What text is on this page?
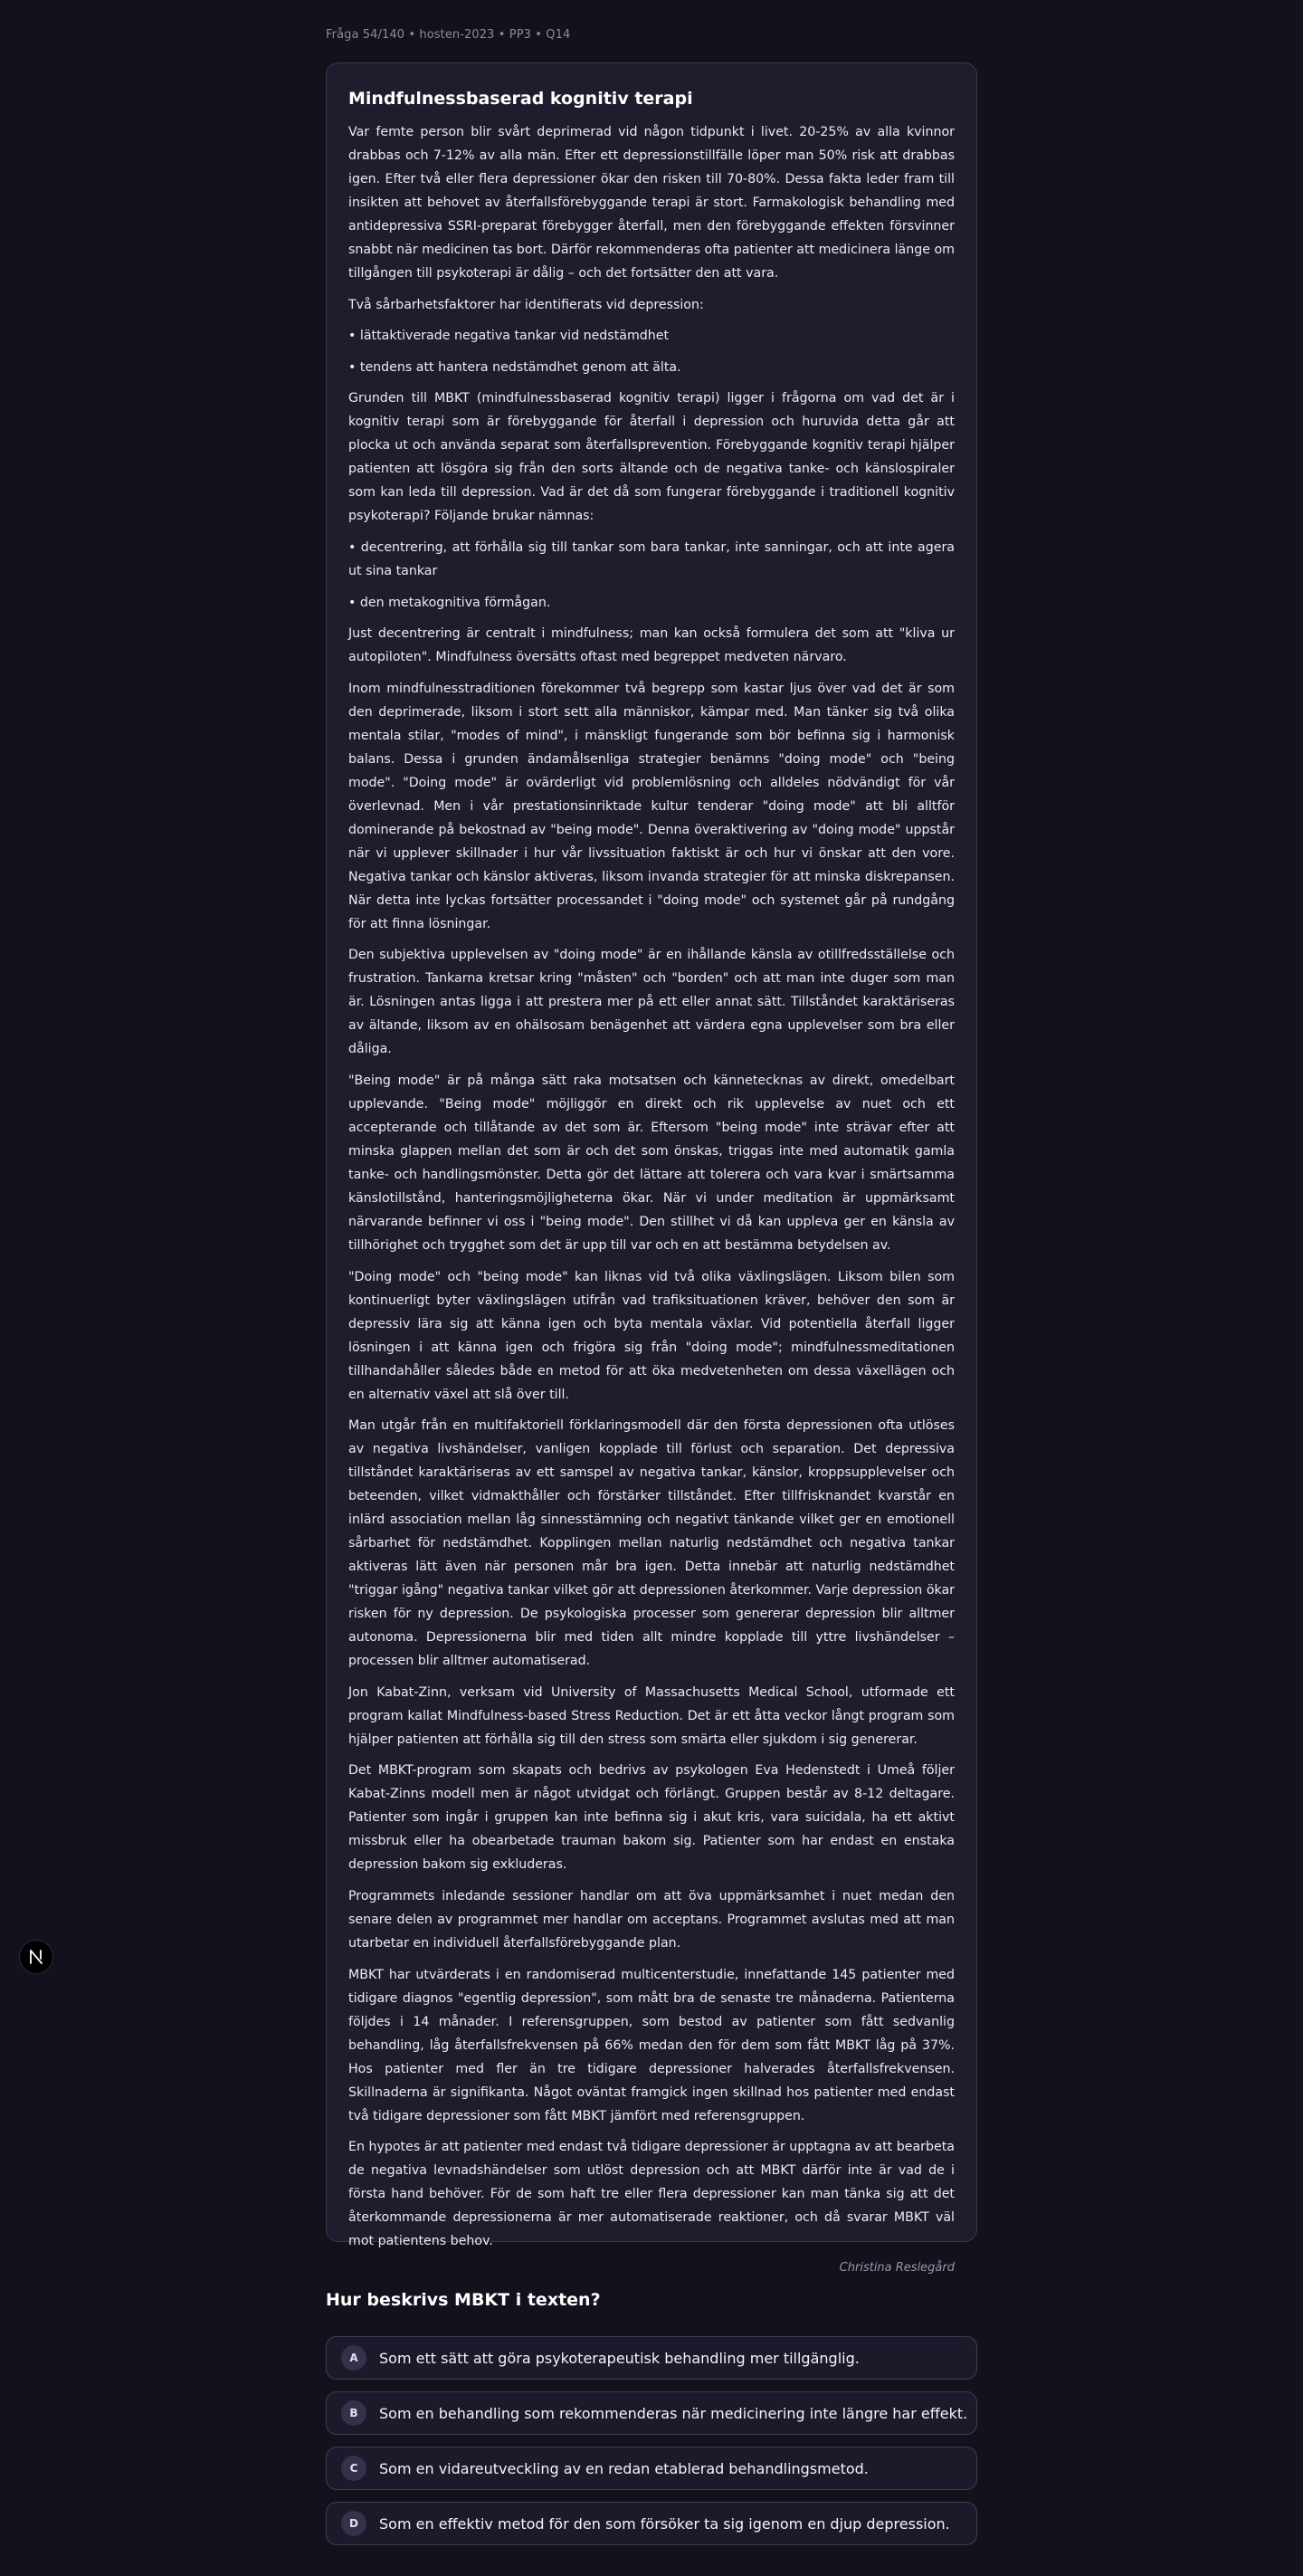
Fråga 54/140 • hosten-2023 • PP3 • Q14
Mindfulnessbaserad kognitiv terapi

Var femte person blir svårt deprimerad vid någon tidpunkt i livet. 20-25% av alla kvinnor drabbas och 7-12% av alla män. Efter ett depressionstillfälle löper man 50% risk att drabbas igen. Efter två eller flera depressioner ökar den risken till 70-80%. Dessa fakta leder fram till insikten att behovet av återfallsförebyggande terapi är stort. Farmakologisk behandling med antidepressiva SSRI-preparat förebygger återfall, men den förebyggande effekten försvinner snabbt när medicinen tas bort. Därför rekommenderas ofta patienter att medicinera länge om tillgången till psykoterapi är dålig – och det fortsätter den att vara.

Två sårbarhetsfaktorer har identifierats vid depression:

• lättaktiverade negativa tankar vid nedstämdhet

• tendens att hantera nedstämdhet genom att älta.

Grunden till MBKT (mindfulnessbaserad kognitiv terapi) ligger i frågorna om vad det är i kognitiv terapi som är förebyggande för återfall i depression och huruvida detta går att plocka ut och använda separat som återfallsprevention. Förebyggande kognitiv terapi hjälper patienten att lösgöra sig från den sorts ältande och de negativa tanke- och känslospiraler som kan leda till depression. Vad är det då som fungerar förebyggande i traditionell kognitiv psykoterapi? Följande brukar nämnas:

• decentrering, att förhålla sig till tankar som bara tankar, inte sanningar, och att inte agera ut sina tankar

• den metakognitiva förmågan.

Just decentrering är centralt i mindfulness; man kan också formulera det som att "kliva ur autopiloten". Mindfulness översätts oftast med begreppet medveten närvaro.

Inom mindfulnesstraditionen förekommer två begrepp som kastar ljus över vad det är som den deprimerade, liksom i stort sett alla människor, kämpar med. Man tänker sig två olika mentala stilar, "modes of mind", i mänskligt fungerande som bör befinna sig i harmonisk balans. Dessa i grunden ändamålsenliga strategier benämns "doing mode" och "being mode". "Doing mode" är ovärderligt vid problemlösning och alldeles nödvändigt för vår överlevnad. Men i vår prestationsinriktade kultur tenderar "doing mode" att bli alltför dominerande på bekostnad av "being mode". Denna överaktivering av "doing mode" uppstår när vi upplever skillnader i hur vår livssituation faktiskt är och hur vi önskar att den vore. Negativa tankar och känslor aktiveras, liksom invanda strategier för att minska diskrepansen. När detta inte lyckas fortsätter processandet i "doing mode" och systemet går på rundgång för att finna lösningar.

Den subjektiva upplevelsen av "doing mode" är en ihållande känsla av otillfredsställelse och frustration. Tankarna kretsar kring "måsten" och "borden" och att man inte duger som man är. Lösningen antas ligga i att prestera mer på ett eller annat sätt. Tillståndet karaktäriseras av ältande, liksom av en ohälsosam benägenhet att värdera egna upplevelser som bra eller dåliga.

"Being mode" är på många sätt raka motsatsen och kännetecknas av direkt, omedelbart upplevande. "Being mode" möjliggör en direkt och rik upplevelse av nuet och ett accepterande och tillåtande av det som är. Eftersom "being mode" inte strävar efter att minska glappen mellan det som är och det som önskas, triggas inte med automatik gamla tanke- och handlingsmönster. Detta gör det lättare att tolerera och vara kvar i smärtsamma känslotillstånd, hanteringsmöjligheterna ökar. När vi under meditation är uppmärksamt närvarande befinner vi oss i "being mode". Den stillhet vi då kan uppleva ger en känsla av tillhörighet och trygghet som det är upp till var och en att bestämma betydelsen av.

"Doing mode" och "being mode" kan liknas vid två olika växlingslägen. Liksom bilen som kontinuerligt byter växlingslägen utifrån vad trafiksituationen kräver, behöver den som är depressiv lära sig att känna igen och byta mentala växlar. Vid potentiella återfall ligger lösningen i att känna igen och frigöra sig från "doing mode"; mindfulnessmeditationen tillhandahåller således både en metod för att öka medvetenheten om dessa växellägen och en alternativ växel att slå över till.

Man utgår från en multifaktoriell förklaringsmodell där den första depressionen ofta utlöses av negativa livshändelser, vanligen kopplade till förlust och separation. Det depressiva tillståndet karaktäriseras av ett samspel av negativa tankar, känslor, kroppsupplevelser och beteenden, vilket vidmakthåller och förstärker tillståndet. Efter tillfrisknandet kvarstår en inlärd association mellan låg sinnesstämning och negativt tänkande vilket ger en emotionell sårbarhet för nedstämdhet. Kopplingen mellan naturlig nedstämdhet och negativa tankar aktiveras lätt även när personen mår bra igen. Detta innebär att naturlig nedstämdhet "triggar igång" negativa tankar vilket gör att depressionen återkommer. Varje depression ökar risken för ny depression. De psykologiska processer som genererar depression blir alltmer autonoma. Depressionerna blir med tiden allt mindre kopplade till yttre livshändelser – processen blir alltmer automatiserad.

Jon Kabat-Zinn, verksam vid University of Massachusetts Medical School, utformade ett program kallat Mindfulness-based Stress Reduction. Det är ett åtta veckor långt program som hjälper patienten att förhålla sig till den stress som smärta eller sjukdom i sig genererar.

Det MBKT-program som skapats och bedrivs av psykologen Eva Hedenstedt i Umeå följer Kabat-Zinns modell men är något utvidgat och förlängt. Gruppen består av 8-12 deltagare. Patienter som ingår i gruppen kan inte befinna sig i akut kris, vara suicidala, ha ett aktivt missbruk eller ha obearbetade trauman bakom sig. Patienter som har endast en enstaka depression bakom sig exkluderas.

Programmets inledande sessioner handlar om att öva uppmärksamhet i nuet medan den senare delen av programmet mer handlar om acceptans. Programmet avslutas med att man utarbetar en individuell återfallsförebyggande plan.

MBKT har utvärderats i en randomiserad multicenterstudie, innefattande 145 patienter med tidigare diagnos "egentlig depression", som mått bra de senaste tre månaderna. Patienterna följdes i 14 månader. I referensgruppen, som bestod av patienter som fått sedvanlig behandling, låg återfallsfrekvensen på 66% medan den för dem som fått MBKT låg på 37%. Hos patienter med fler än tre tidigare depressioner halverades återfallsfrekvensen. Skillnaderna är signifikanta. Något oväntat framgick ingen skillnad hos patienter med endast två tidigare depressioner som fått MBKT jämfört med referensgruppen.

En hypotes är att patienter med endast två tidigare depressioner är upptagna av att bearbeta de negativa levnadshändelser som utlöst depression och att MBKT därför inte är vad de i första hand behöver. För de som haft tre eller flera depressioner kan man tänka sig att det återkommande depressionerna är mer automatiserade reaktioner, och då svarar MBKT väl mot patientens behov.

Christina Reslegård
Hur beskrivs MBKT i texten?
A	Som ett sätt att göra psykoterapeutisk behandling mer tillgänglig.
B	Som en behandling som rekommenderas när medicinering inte längre har effekt.
C	Som en vidareutveckling av en redan etablerad behandlingsmetod.
D	Som en effektiv metod för den som försöker ta sig igenom en djup depression.
